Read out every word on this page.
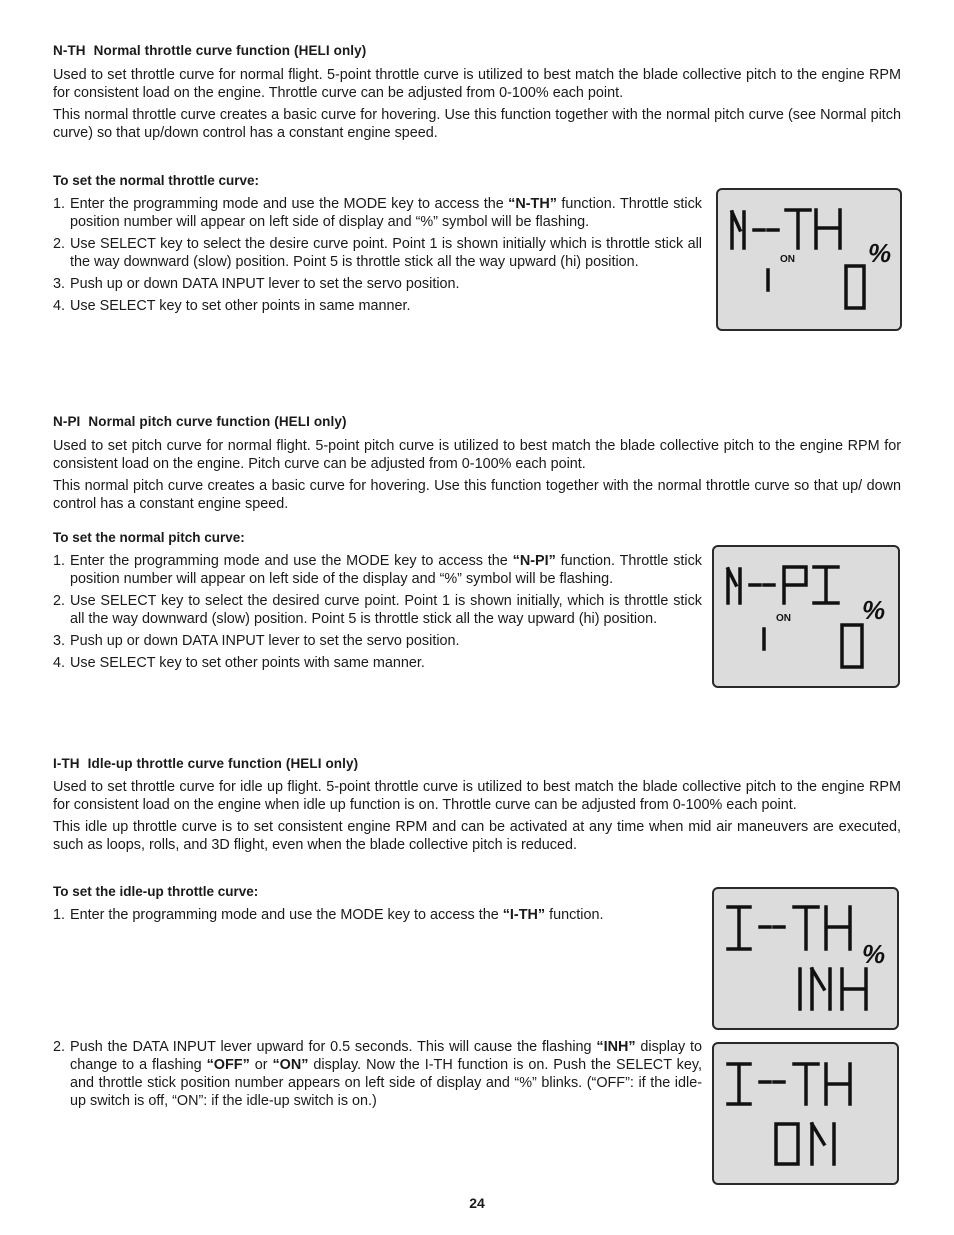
N-TH Normal throttle curve function (HELI only)
Used to set throttle curve for normal flight. 5-point throttle curve is utilized to best match the blade collective pitch to the engine RPM for consistent load on the engine. Throttle curve can be adjusted from 0-100% each point.
This normal throttle curve creates a basic curve for hovering. Use this function together with the normal pitch curve (see Normal pitch curve) so that up/down control has a constant engine speed.
To set the normal throttle curve:
1. Enter the programming mode and use the MODE key to access the “N-TH” function. Throttle stick position number will appear on left side of display and “%” symbol will be flashing.
2. Use SELECT key to select the desire curve point. Point 1 is shown initially which is throttle stick all the way downward (slow) position. Point 5 is throttle stick all the way upward (hi) position.
3. Push up or down DATA INPUT lever to set the servo position.
4. Use SELECT key to set other points in same manner.
%
ON
N-PI Normal pitch curve function (HELI only)
Used to set pitch curve for normal flight. 5-point pitch curve is utilized to best match the blade collective pitch to the engine RPM for consistent load on the engine. Pitch curve can be adjusted from 0-100% each point.
This normal pitch curve creates a basic curve for hovering. Use this function together with the normal throttle curve so that up/ down control has a constant engine speed.
To set the normal pitch curve:
1. Enter the programming mode and use the MODE key to access the “N-PI” function. Throttle stick position number will appear on left side of the display and “%” symbol will be flashing.
2. Use SELECT key to select the desired curve point. Point 1 is shown initially, which is throttle stick all the way downward (slow) position. Point 5 is throttle stick all the way upward (hi) position.
3. Push up or down DATA INPUT lever to set the servo position.
4. Use SELECT key to set other points with same manner.
%
ON
I-TH Idle-up throttle curve function (HELI only)
Used to set throttle curve for idle up flight. 5-point throttle curve is utilized to best match the blade collective pitch to the engine RPM for consistent load on the engine when idle up function is on. Throttle curve can be adjusted from 0-100% each point.
This idle up throttle curve is to set consistent engine RPM and can be activated at any time when mid air maneuvers are executed, such as loops, rolls, and 3D flight, even when the blade collective pitch is reduced.
To set the idle-up throttle curve:
1. Enter the programming mode and use the MODE key to access the “I-TH” function.
2. Push the DATA INPUT lever upward for 0.5 seconds. This will cause the flashing “INH” display to change to a flashing “OFF” or “ON” display. Now the I-TH function is on. Push the SELECT key, and throttle stick position number appears on left side of display and “%” blinks. (“OFF”: if the idle-up switch is off, “ON”: if the idle-up switch is on.)
%
24
